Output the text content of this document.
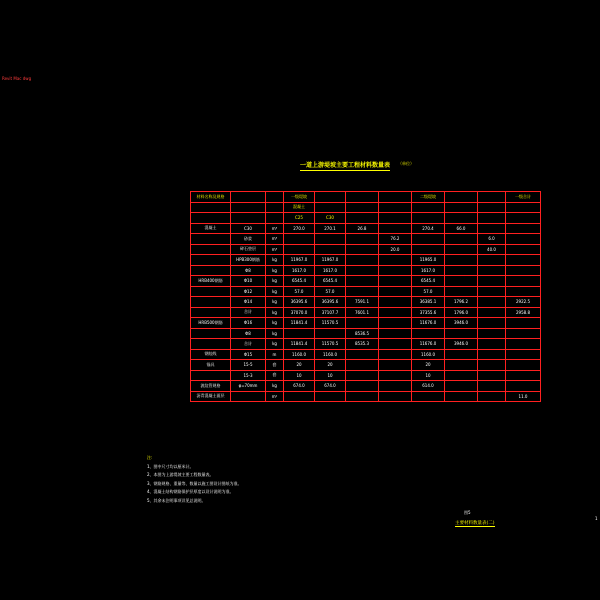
Revit Mac dwg
一道上游堤坡主要工程材料数量表 （单位）
材料名称及规格			一级堤坡				二级堤坡			一级合计
			混凝土							
			C25	C30						
混凝土	C30	m³	270.0	270.1	26.8		270.4	66.0		
	砂浆	m³				76.2			6.0	
	碎石垫层	m³				20.0			40.0	
	HPB300钢筋	kg	11967.0	11967.0			11965.0			
	Φ8	kg	1617.0	1617.0			1617.0			
HRB400钢筋	Φ10	kg	6545.4	6545.4			6545.4			
	Φ12	kg	57.0	57.0			57.0			
	Φ14	kg	36395.6	36395.6	7591.1		36385.1	1796.2		2922.5
	合计	kg	37070.0	37107.7	7601.1		37355.6	1796.0		2958.8
HRB500钢筋	Φ16	kg	11841.4	11570.5			11676.0	3946.0		
	Φ8	kg			8536.5					
	合计	kg	11841.4	11570.5	8535.3		11676.0	3946.0		
钢绞线	Φ15	m	1160.0	1160.0			1160.0			
锚具	15-5	套	20	20			20			
	15-3	套	10	10			10			
波纹管规格	φ=70mm	kg	674.0	674.0			614.0			
沥青混凝土面层		m²								11.0
注:
1、图中尺寸均以厘米计。
2、本图为上游堤坡主要工程数量表。
3、钢筋规格、重量等、数量以施工图设计图纸为准。
4、混凝土结构钢筋保护层厚度以设计说明为准。
5、其余未注明事项详见总说明。
图5
主要材料数量表(二)
1
